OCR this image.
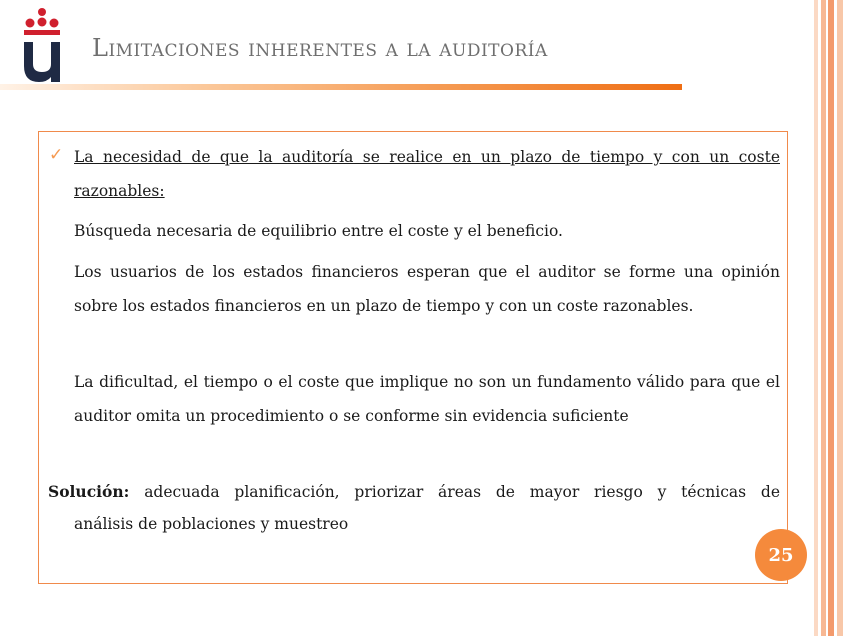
Limitaciones inherentes a la auditoría
✓ La necesidad de que la auditoría se realice en un plazo de tiempo y con un coste razonables:

Búsqueda necesaria de equilibrio entre el coste y el beneficio.

Los usuarios de los estados financieros esperan que el auditor se forme una opinión sobre los estados financieros en un plazo de tiempo y con un coste razonables.

La dificultad, el tiempo o el coste que implique no son un fundamento válido para que el auditor omita un procedimiento o se conforme sin evidencia suficiente

Solución: adecuada planificación, priorizar áreas de mayor riesgo y técnicas de

análisis de poblaciones y muestreo

25
